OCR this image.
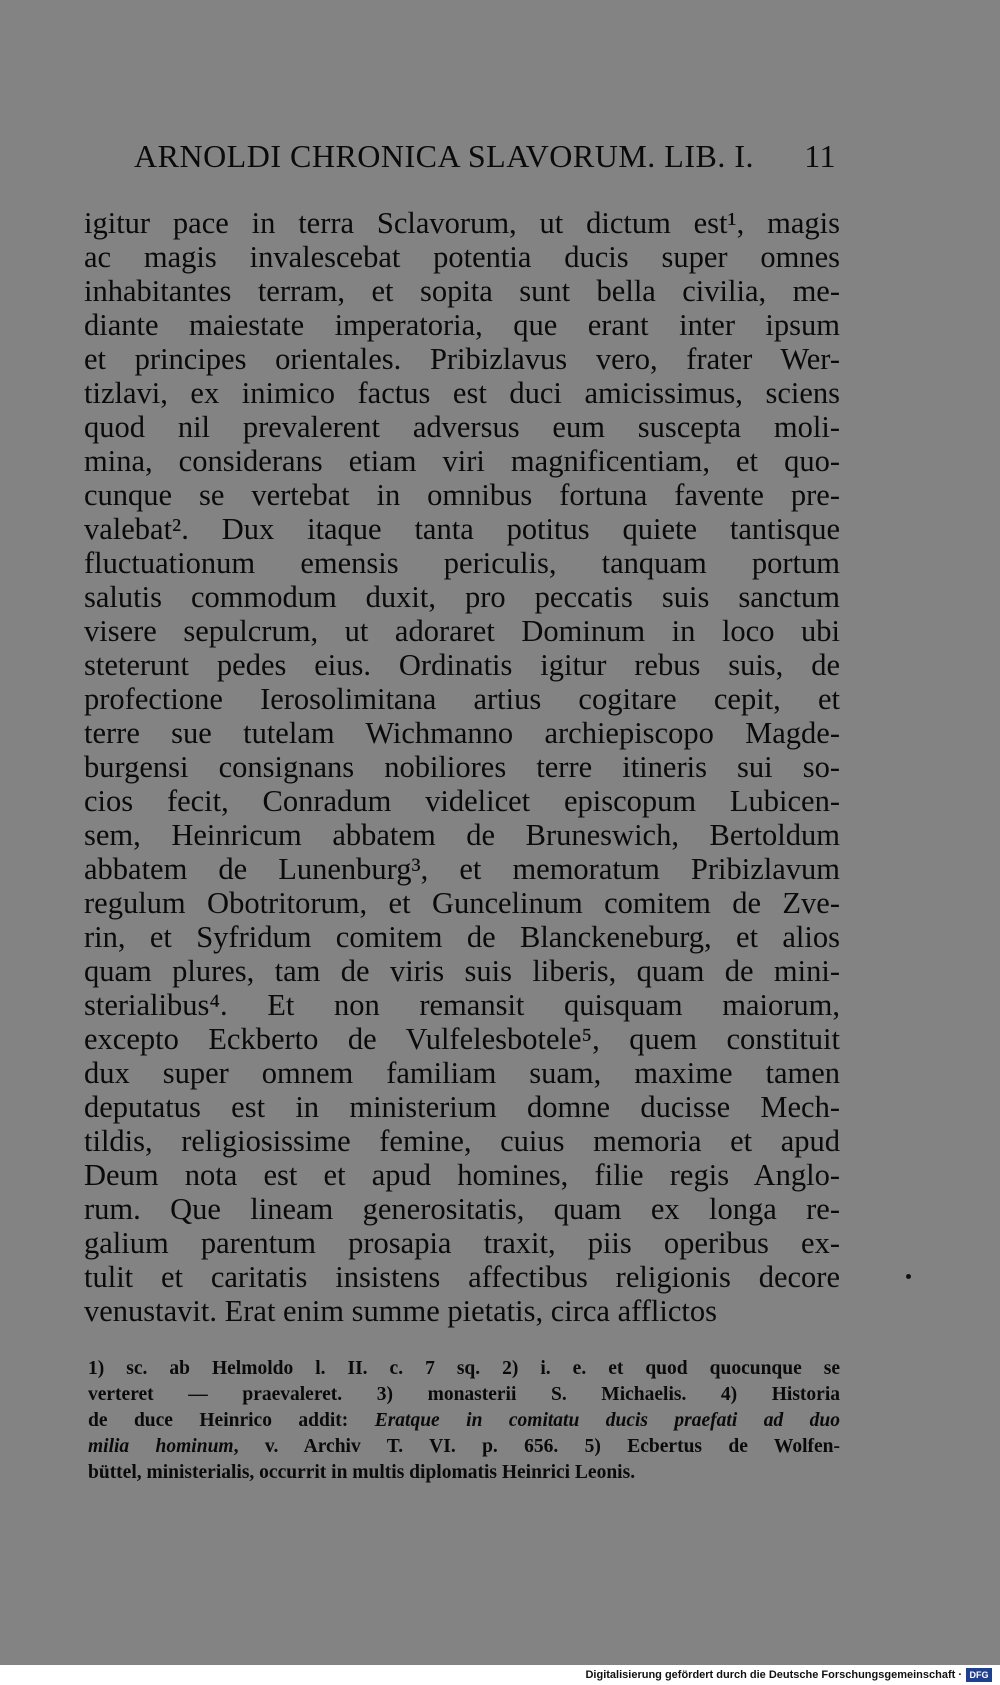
ARNOLDI CHRONICA SLAVORUM. LIB. I. 11
igitur pace in terra Sclavorum, ut dictum est¹, magis
ac magis invalescebat potentia ducis super omnes
inhabitantes terram, et sopita sunt bella civilia, me-
diante maiestate imperatoria, que erant inter ipsum
et principes orientales. Pribizlavus vero, frater Wer-
tizlavi, ex inimico factus est duci amicissimus, sciens
quod nil prevalerent adversus eum suscepta moli-
mina, considerans etiam viri magnificentiam, et quo-
cunque se vertebat in omnibus fortuna favente pre-
valebat². Dux itaque tanta potitus quiete tantisque
fluctuationum emensis periculis, tanquam portum
salutis commodum duxit, pro peccatis suis sanctum
visere sepulcrum, ut adoraret Dominum in loco ubi
steterunt pedes eius. Ordinatis igitur rebus suis, de
profectione Ierosolimitana artius cogitare cepit, et
terre sue tutelam Wichmanno archiepiscopo Magde-
burgensi consignans nobiliores terre itineris sui so-
cios fecit, Conradum videlicet episcopum Lubicen-
sem, Heinricum abbatem de Bruneswich, Bertoldum
abbatem de Lunenburg³, et memoratum Pribizlavum
regulum Obotritorum, et Guncelinum comitem de Zve-
rin, et Syfridum comitem de Blanckeneburg, et alios
quam plures, tam de viris suis liberis, quam de mini-
sterialibus⁴. Et non remansit quisquam maiorum,
excepto Eckberto de Vulfelesbotele⁵, quem constituit
dux super omnem familiam suam, maxime tamen
deputatus est in ministerium domne ducisse Mech-
tildis, religiosissime femine, cuius memoria et apud
Deum nota est et apud homines, filie regis Anglo-
rum. Que lineam generositatis, quam ex longa re-
galium parentum prosapia traxit, piis operibus ex-
tulit et caritatis insistens affectibus religionis decore
venustavit. Erat enim summe pietatis, circa afflictos
1) sc. ab Helmoldo l. II. c. 7 sq. 2) i. e. et quod quocunque se
verteret — praevaleret. 3) monasterii S. Michaelis. 4) Historia
de duce Heinrico addit: Eratque in comitatu ducis praefati ad duo
milia hominum, v. Archiv T. VI. p. 656. 5) Ecbertus de Wolfen-
büttel, ministerialis, occurrit in multis diplomatis Heinrici Leonis.
Digitalisierung gefördert durch die Deutsche Forschungsgemeinschaft · DFG
